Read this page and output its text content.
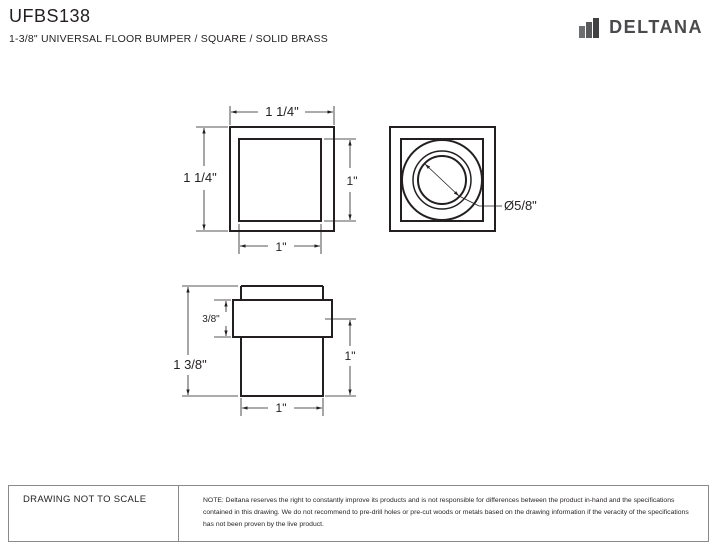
UFBS138
1-3/8" UNIVERSAL FLOOR BUMPER / SQUARE / SOLID BRASS
DELTANA
1 1/4"
1 1/4"	1"
1"
Ø5/8"
3/8"
1 3/8"
1"
1"
DRAWING NOT TO SCALE	NOTE: Deltana reserves the right to constantly improve its products and is not responsible for differences between the product in-hand and the specifications contained in this drawing. We do not recommend to pre-drill holes or pre-cut woods or metals based on the drawing information if the veracity of the specifications has not been proven by the live product.
